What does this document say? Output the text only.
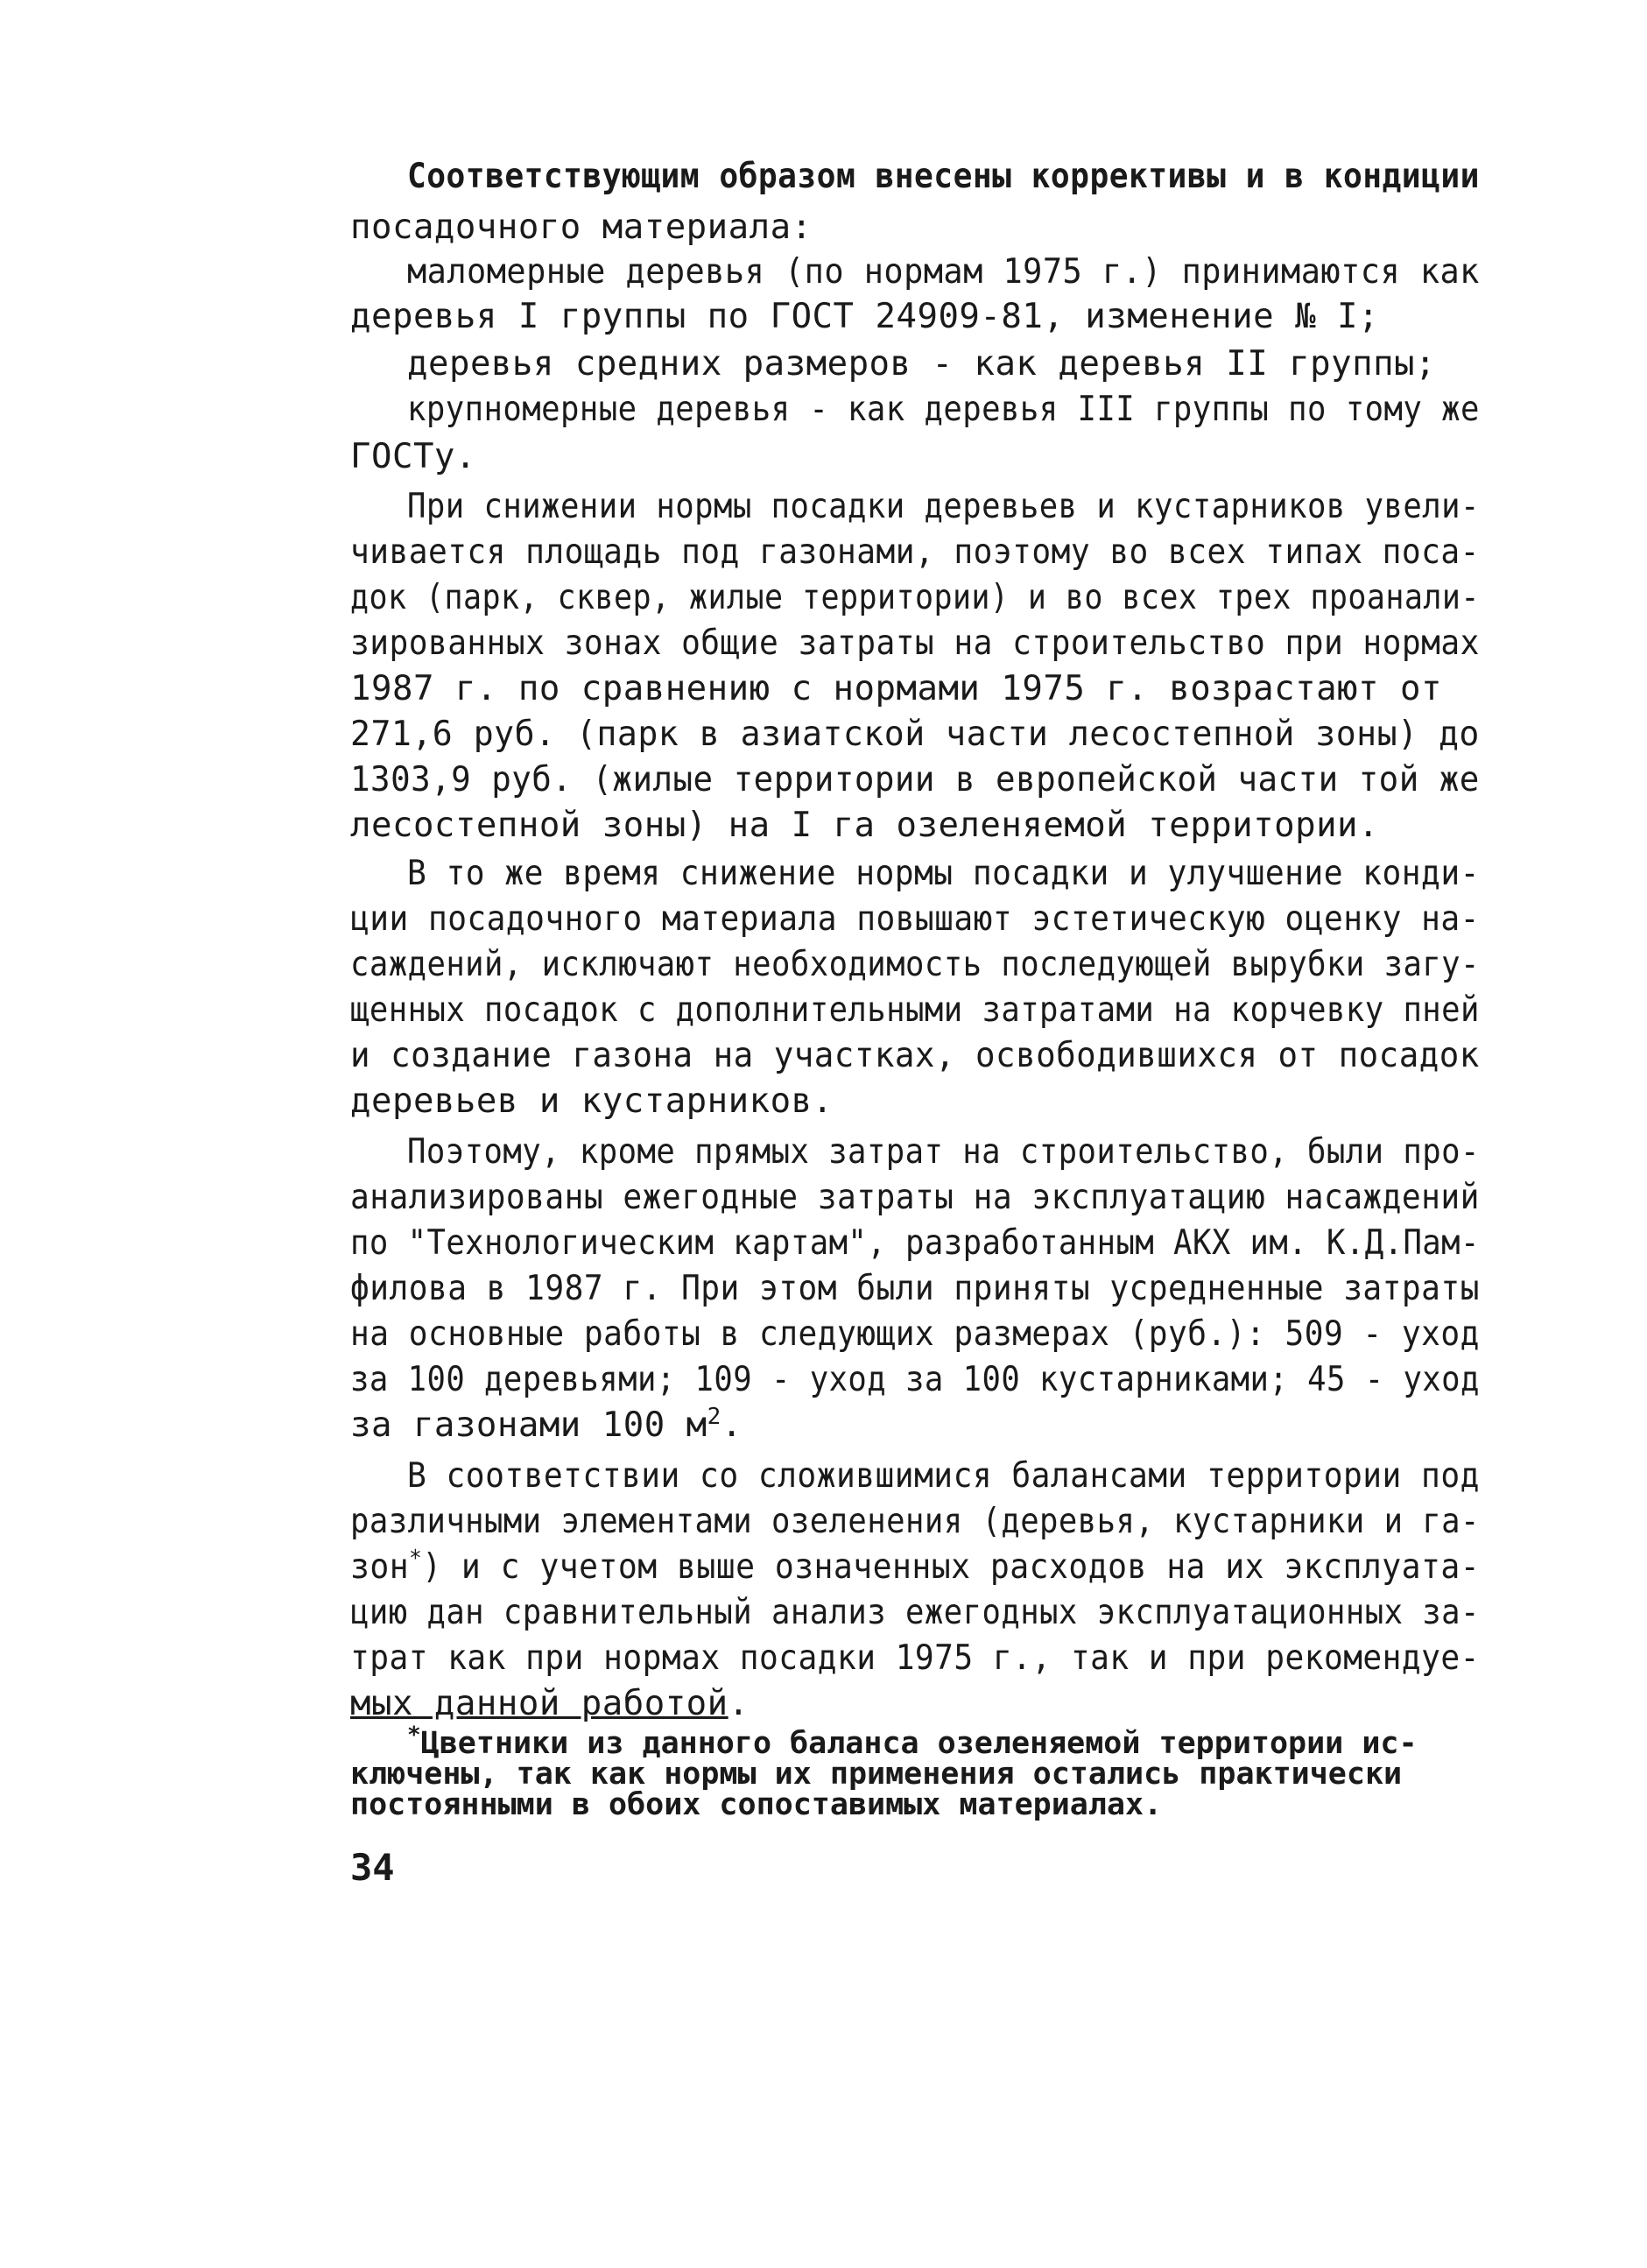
Соответствующим образом внесены коррективы и в кондиции
посадочного материала:
маломерные деревья (по нормам 1975 г.) принимаются как
деревья I группы по ГОСТ 24909-81, изменение № I;
деревья средних размеров - как деревья II группы;
крупномерные деревья - как деревья III группы по тому же
ГОСТу.
При снижении нормы посадки деревьев и кустарников увели-
чивается площадь под газонами, поэтому во всех типах поса-
док (парк, сквер, жилые территории) и во всех трех проанали-
зированных зонах общие затраты на строительство при нормах
1987 г. по сравнению с нормами 1975 г. возрастают от
271,6 руб. (парк в азиатской части лесостепной зоны) до
1303,9 руб. (жилые территории в европейской части той же
лесостепной зоны) на I га озеленяемой территории.
В то же время снижение нормы посадки и улучшение конди-
ции посадочного материала повышают эстетическую оценку на-
саждений, исключают необходимость последующей вырубки загу-
щенных посадок с дополнительными затратами на корчевку пней
и создание газона на участках, освободившихся от посадок
деревьев и кустарников.
Поэтому, кроме прямых затрат на строительство, были про-
анализированы ежегодные затраты на эксплуатацию насаждений
по "Технологическим картам", разработанным АКХ им. К.Д.Пам-
филова в 1987 г. При этом были приняты усредненные затраты
на основные работы в следующих размерах (руб.): 509 - уход
за 100 деревьями; 109 - уход за 100 кустарниками; 45 - уход
за газонами 100 $м^2$.
В соответствии со сложившимися балансами территории под
различными элементами озеленения (деревья, кустарники и га-
зон*) и с учетом выше означенных расходов на их эксплуата-
цию дан сравнительный анализ ежегодных эксплуатационных за-
трат как при нормах посадки 1975 г., так и при рекомендуе-
мых данной работой.
*Цветники из данного баланса озеленяемой территории ис-
ключены, так как нормы их применения остались практически
постоянными в обоих сопоставимых материалах.
34
